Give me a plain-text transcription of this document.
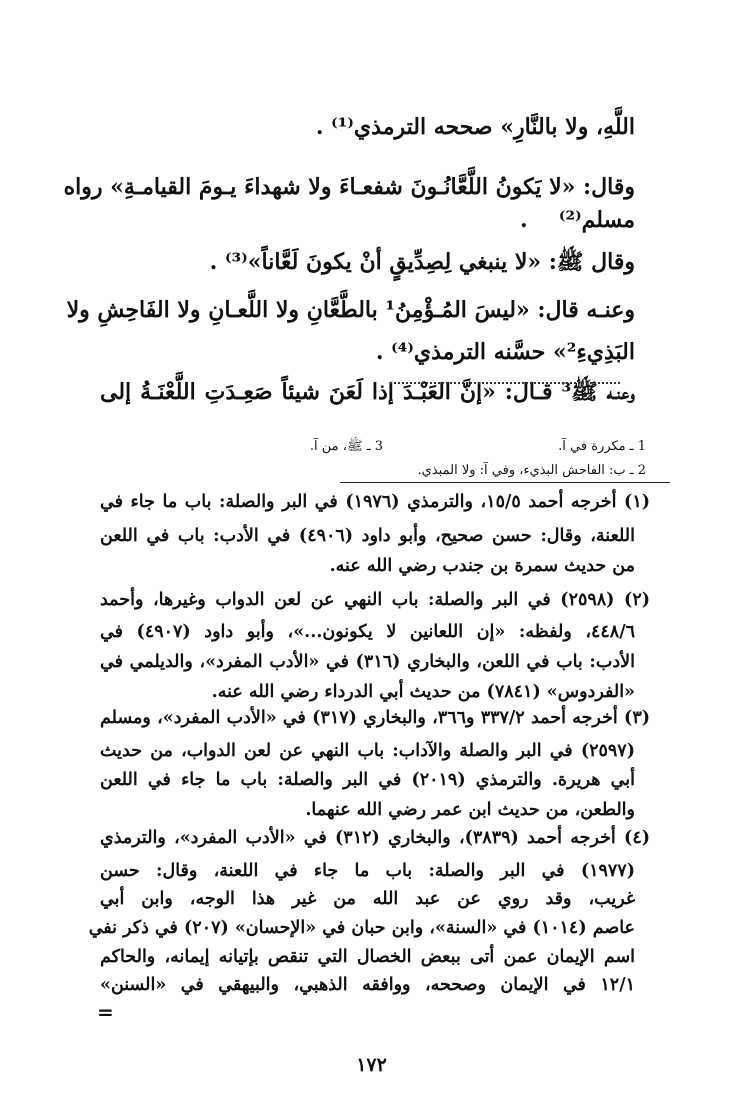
اللَّهِ، ولا بالنَّارِ» صححه الترمذي⁽¹⁾ .
وقال: «لا يَكونُ اللَّعَّانُـونَ شفعـاءَ ولا شهداءَ يـومَ القيامـةِ» رواه
مسلم⁽²⁾ .
وقال ﷺ: «لا ينبغي لِصِدِّيقٍ أنْ يكونَ لَعَّاناً»⁽³⁾ .
وعنـه قال: «ليسَ المُـؤْمِنُ¹ بالطَّعَّانِ ولا اللَّعـانِ ولا الفَاحِشِ ولا
البَذِيءِ²» حسَّنه الترمذي⁽⁴⁾ .
وعنـه ﷺ³ قـال: «إنَّ العَبْـدَ إذا لَعَنَ شيئاً صَعِـدَتِ اللَّعْنَـةُ إلى
1 ـ مكررة في آ.
3 ـ ﷺ، من آ.
2 ـ ب: الفاحش البذيء، وفي آ: ولا المبذي.
(١) أخرجه أحمد ١٥/٥، والترمذي (١٩٧٦) في البر والصلة: باب ما جاء في
اللعنة، وقال: حسن صحيح، وأبو داود (٤٩٠٦) في الأدب: باب في اللعن
من حديث سمرة بن جندب رضي الله عنه.
(٢) (٢٥٩٨) في البر والصلة: باب النهي عن لعن الدواب وغيرها، وأحمد
٤٤٨/٦، ولفظه: «إن اللعانين لا يكونون...»، وأبو داود (٤٩٠٧) في
الأدب: باب في اللعن، والبخاري (٣١٦) في «الأدب المفرد»، والديلمي في
«الفردوس» (٧٨٤١) من حديث أبي الدرداء رضي الله عنه.
(٣) أخرجه أحمد ٣٣٧/٢ و٣٦٦، والبخاري (٣١٧) في «الأدب المفرد»، ومسلم
(٢٥٩٧) في البر والصلة والآداب: باب النهي عن لعن الدواب، من حديث
أبي هريرة. والترمذي (٢٠١٩) في البر والصلة: باب ما جاء في اللعن
والطعن، من حديث ابن عمر رضي الله عنهما.
(٤) أخرجه أحمد (٣٨٣٩)، والبخاري (٣١٢) في «الأدب المفرد»، والترمذي
(١٩٧٧) في البر والصلة: باب ما جاء في اللعنة، وقال: حسن
غريب، وقد روي عن عبد الله من غير هذا الوجه، وابن أبي
عاصم (١٠١٤) في «السنة»، وابن حبان في «الإحسان» (٢٠٧) في ذكر نفي
اسم الإيمان عمن أتى ببعض الخصال التي تنقص بإتيانه إيمانه، والحاكم
١٢/١ في الإيمان وصححه، ووافقه الذهبي، والبيهقي في «السنن»
=
١٧٢
